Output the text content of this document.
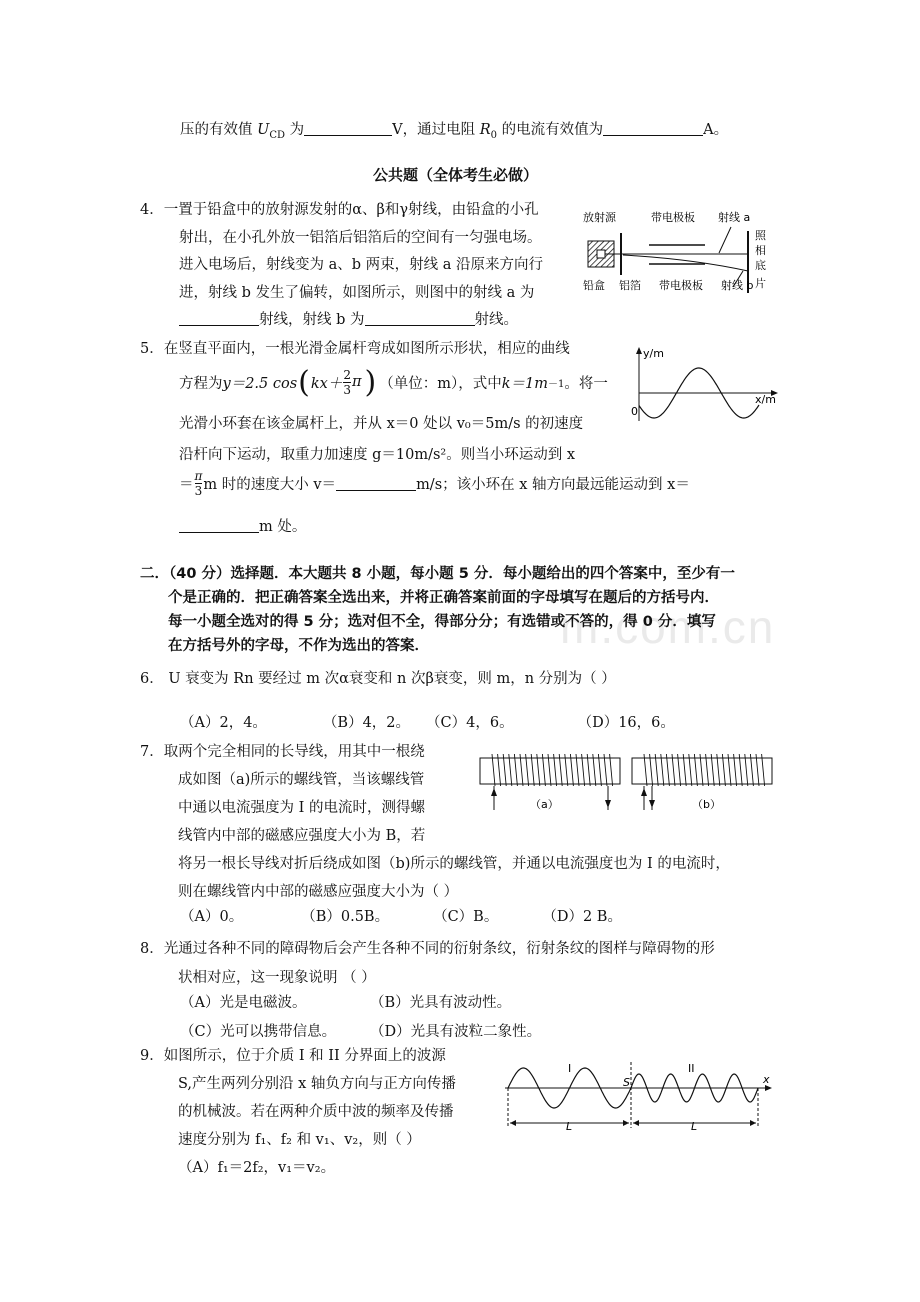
m.com.cn
压的有效值 $U_{CD}$ 为	V，通过电阻 $R_0$ 的电流有效值为	A。
公共题（全体考生必做）
4．一置于铅盒中的放射源发射的α、β和γ射线，由铅盒的小孔
射出，在小孔外放一铝箔后铝箔后的空间有一匀强电场。
进入电场后，射线变为 a、b 两束，射线 a 沿原来方向行
进，射线 b 发生了偏转，如图所示，则图中的射线 a 为
射线，射线 b 为	射线。
放射源	带电极板 射线 a
照
相
底
片
铅盒 铝箔 带电极板 射线 b
5．在竖直平面内，一根光滑金属杆弯成如图所示形状，相应的曲线
方程为 y＝2.5 cos ( kx＋
2
3 π ) （单位：m），式中 k＝1m －1 。将一
光滑小环套在该金属杆上，并从 x＝0 处以 v₀＝5m/s 的初速度
沿杆向下运动，取重力加速度 g＝10m/s²。则当小环运动到 x
＝
π
3 m 时的速度大小 v＝	m/s；该小环在 x 轴方向最远能运动到 x＝
m 处。
y/m
x/m
0
二．（40 分）选择题．本大题共 8 小题，每小题 5 分．每小题给出的四个答案中，至少有一
个是正确的．把正确答案全选出来，并将正确答案前面的字母填写在题后的方括号内．
每一小题全选对的得 5 分；选对但不全，得部分分；有选错或不答的，得 0 分．填写
在方括号外的字母，不作为选出的答案．
6． U 衰变为 Rn 要经过 m 次α衰变和 n 次β衰变，则 m，n 分别为（ ）
（A）2，4。	（B）4，2。 （C）4，6。	（D）16，6。
7．取两个完全相同的长导线，用其中一根绕
成如图（a)所示的螺线管，当该螺线管
中通以电流强度为 I 的电流时，测得螺
线管内中部的磁感应强度大小为 B，若
将另一根长导线对折后绕成如图（b)所示的螺线管，并通以电流强度也为 I 的电流时，
则在螺线管内中部的磁感应强度大小为（ ）
（A）0。	（B）0.5B。	（C）B。	（D）2 B。
（a）	（b）
8．光通过各种不同的障碍物后会产生各种不同的衍射条纹，衍射条纹的图样与障碍物的形
状相对应，这一现象说明 （ ）
（A）光是电磁波。	（B）光具有波动性。
（C）光可以携带信息。 （D）光具有波粒二象性。
9．如图所示，位于介质 I 和 II 分界面上的波源
S,产生两列分别沿 x 轴负方向与正方向传播
的机械波。若在两种介质中波的频率及传播
速度分别为 f₁、f₂ 和 v₁、v₂，则（ ）
（A）f₁＝2f₂，v₁＝v₂。
x
I	II
S
L	L
